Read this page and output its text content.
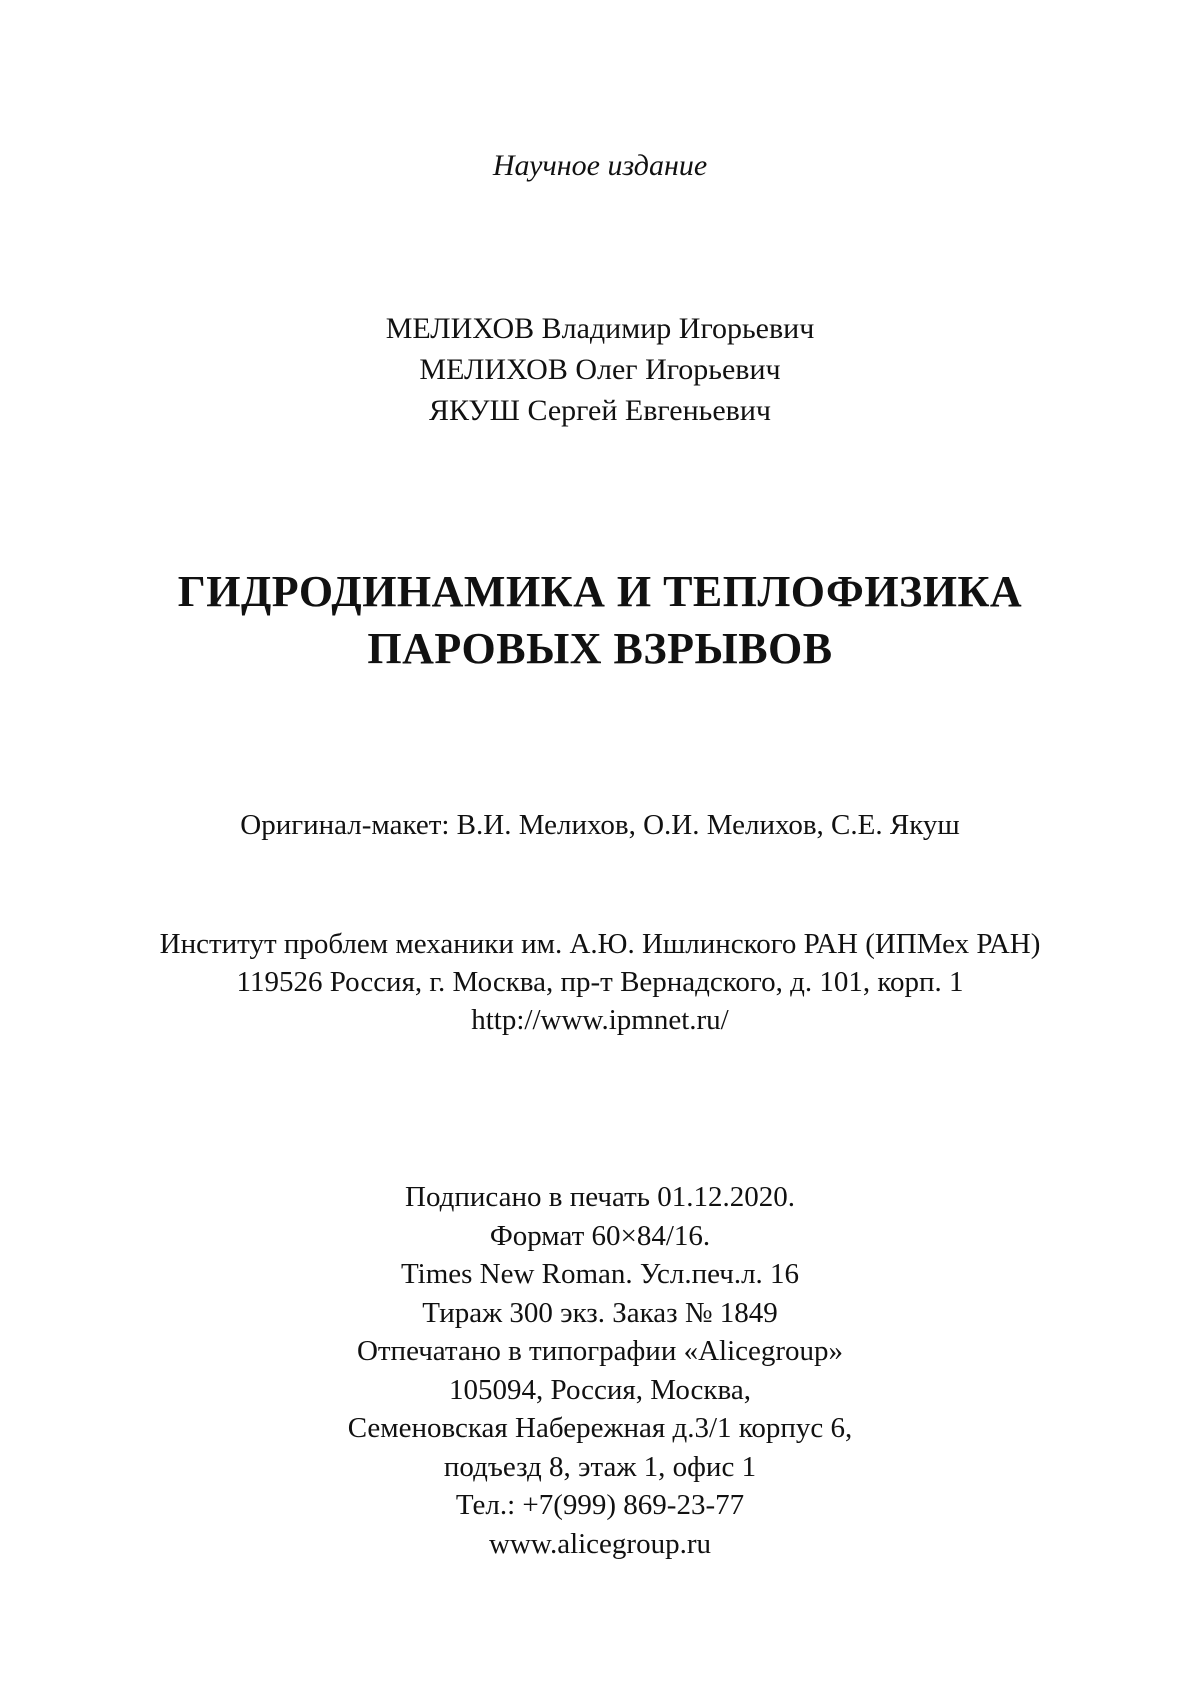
Научное издание
МЕЛИХОВ Владимир Игорьевич
МЕЛИХОВ Олег Игорьевич
ЯКУШ Сергей Евгеньевич
ГИДРОДИНАМИКА И ТЕПЛОФИЗИКА
ПАРОВЫХ ВЗРЫВОВ
Оригинал-макет: В.И. Мелихов, О.И. Мелихов, С.Е. Якуш
Институт проблем механики им. А.Ю. Ишлинского РАН (ИПМех РАН)
119526 Россия, г. Москва, пр-т Вернадского, д. 101, корп. 1
http://www.ipmnet.ru/
Подписано в печать 01.12.2020.
Формат 60×84/16.
Times New Roman. Усл.печ.л. 16
Тираж 300 экз. Заказ № 1849
Отпечатано в типографии «Alicegroup»
105094, Россия, Москва,
Семеновская Набережная д.3/1 корпус 6,
подъезд 8, этаж 1, офис 1
Тел.: +7(999) 869-23-77
www.alicegroup.ru
